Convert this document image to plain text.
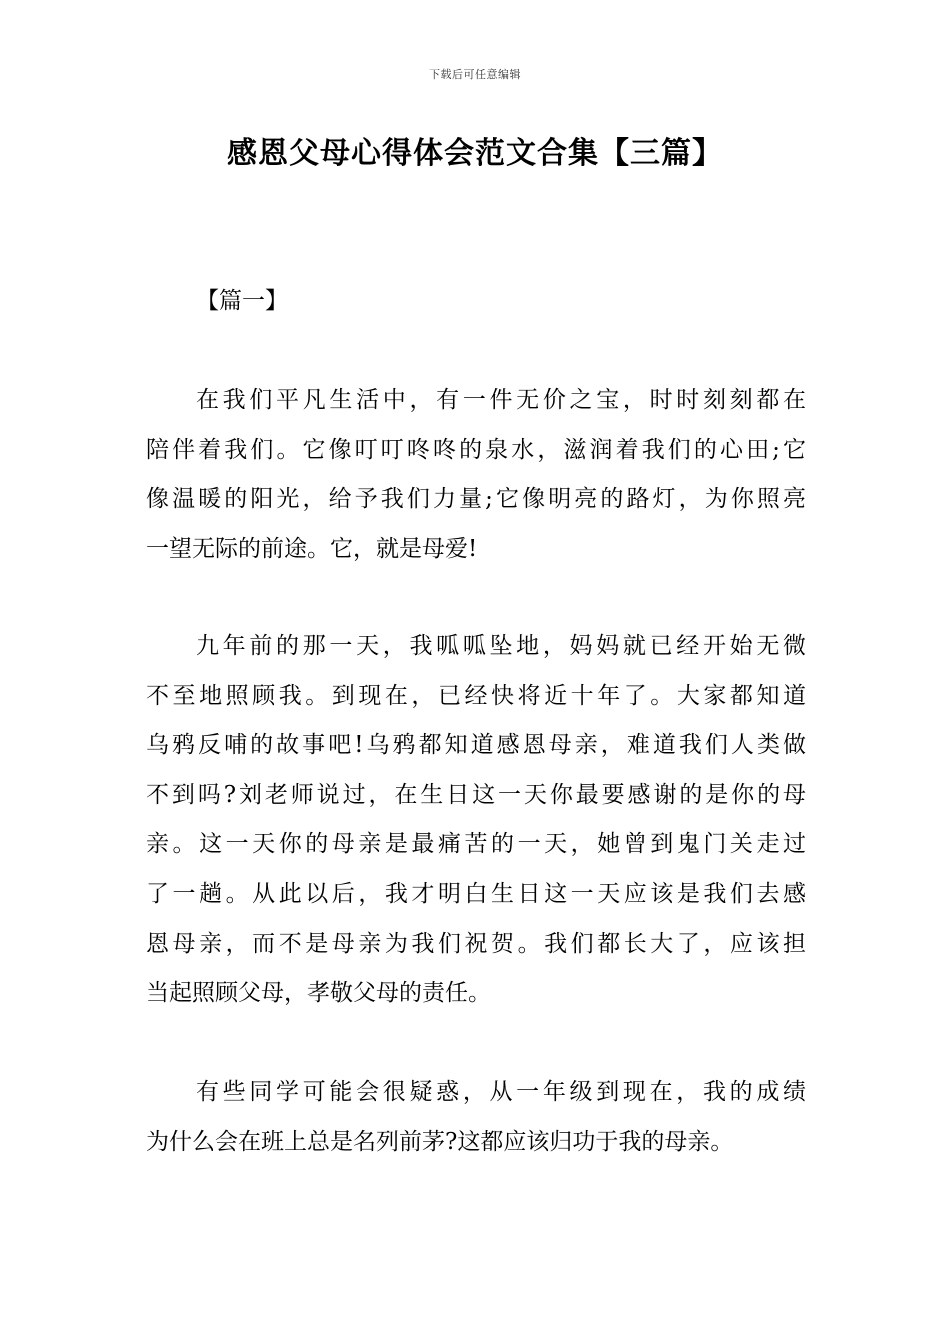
下载后可任意编辑
感恩父母心得体会范文合集【三篇】
【篇一】
在我们平凡生活中，有一件无价之宝，时时刻刻都在
陪伴着我们。它像叮叮咚咚的泉水，滋润着我们的心田;它
像温暖的阳光，给予我们力量;它像明亮的路灯，为你照亮
一望无际的前途。它，就是母爱!
九年前的那一天，我呱呱坠地，妈妈就已经开始无微
不至地照顾我。到现在，已经快将近十年了。大家都知道
乌鸦反哺的故事吧!乌鸦都知道感恩母亲，难道我们人类做
不到吗?刘老师说过，在生日这一天你最要感谢的是你的母
亲。这一天你的母亲是最痛苦的一天，她曾到鬼门关走过
了一趟。从此以后，我才明白生日这一天应该是我们去感
恩母亲，而不是母亲为我们祝贺。我们都长大了，应该担
当起照顾父母，孝敬父母的责任。
有些同学可能会很疑惑，从一年级到现在，我的成绩
为什么会在班上总是名列前茅?这都应该归功于我的母亲。
